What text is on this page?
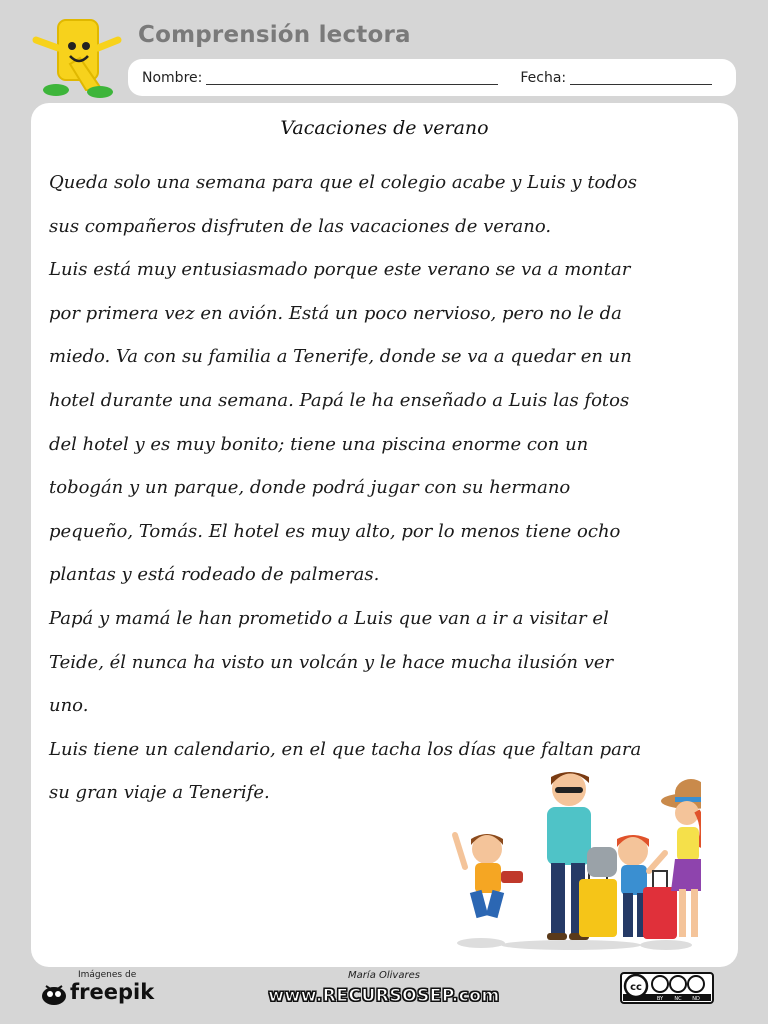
Comprensión lectora
Nombre:	Fecha:
Vacaciones de verano

Queda solo una semana para que el colegio acabe y Luis y todos

sus compañeros disfruten de las vacaciones de verano.

Luis está muy entusiasmado porque este verano se va a montar

por primera vez en avión. Está un poco nervioso, pero no le da

miedo. Va con su familia a Tenerife, donde se va a quedar en un

hotel durante una semana. Papá le ha enseñado a Luis las fotos

del hotel y es muy bonito; tiene una piscina enorme con un

tobogán y un parque, donde podrá jugar con su hermano

pequeño, Tomás. El hotel es muy alto, por lo menos tiene ocho

plantas y está rodeado de palmeras.

Papá y mamá le han prometido a Luis que van a ir a visitar el

Teide, él nunca ha visto un volcán y le hace mucha ilusión ver

uno.

Luis tiene un calendario, en el que tacha los días que faltan para

su gran viaje a Tenerife.

Imágenes de
freepik
María Olivares
www.RECURSOSEP.com	cc
BY NC ND
